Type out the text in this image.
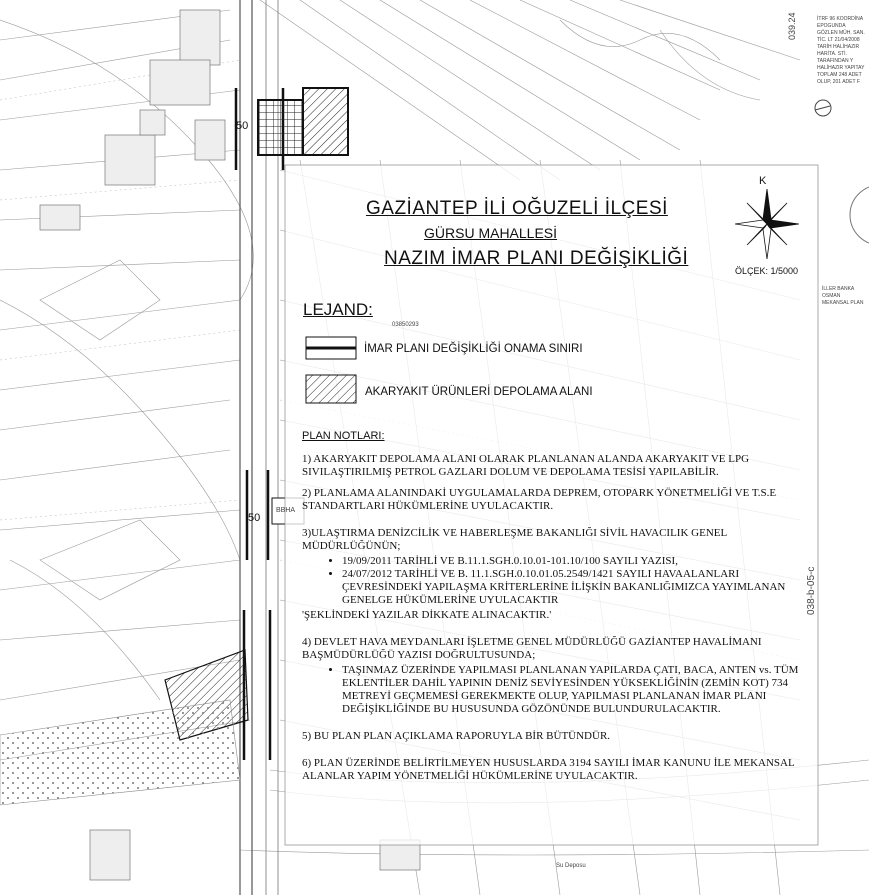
039.24
038-b-05-c
İTRF 96 KOORDİNA EPOGUNDA GÖZLEN MÜH. SAN. TİC. LT 21/04/2008 TARİH HALİHAZIR HARİTA. STİ. TARAFINDAN Y HALİHAZIR YAPITAY TOPLAM 248 ADET OLUP, 201 ADET F
İLLER BANKA OSMAN MEKANSAL PLAN
50
50
BBHA
03850293
Su Deposu
GAZİANTEP İLİ OĞUZELİ İLÇESİ
GÜRSU MAHALLESİ
NAZIM İMAR PLANI DEĞİŞİKLİĞİ
K
ÖLÇEK: 1/5000
LEJAND:
İMAR PLANI DEĞİŞİKLİĞİ ONAMA SINIRI
AKARYAKIT ÜRÜNLERİ DEPOLAMA ALANI
PLAN NOTLARI:

1) AKARYAKIT DEPOLAMA ALANI OLARAK PLANLANAN ALANDA AKARYAKIT VE LPG SIVILAŞTIRILMIŞ PETROL GAZLARI DOLUM VE DEPOLAMA TESİSİ YAPILABİLİR.

2) PLANLAMA ALANINDAKİ UYGULAMALARDA DEPREM, OTOPARK YÖNETMELİĞİ VE T.S.E STANDARTLARI HÜKÜMLERİNE UYULACAKTIR.

3)ULAŞTIRMA DENİZCİLİK VE HABERLEŞME BAKANLIĞI SİVİL HAVACILIK GENEL MÜDÜRLÜĞÜNÜN;

• 19/09/2011 TARİHLİ VE B.11.1.SGH.0.10.01-101.10/100 SAYILI YAZISI,
• 24/07/2012 TARİHLİ VE B. 11.1.SGH.0.10.01.05.2549/1421 SAYILI HAVAALANLARI ÇEVRESİNDEKİ YAPILAŞMA KRİTERLERİNE İLİŞKİN BAKANLIĞIMIZCA YAYIMLANAN GENELGE HÜKÜMLERİNE UYULACAKTIR

'ŞEKLİNDEKİ YAZILAR DİKKATE ALINACAKTIR.'

4) DEVLET HAVA MEYDANLARI İŞLETME GENEL MÜDÜRLÜĞÜ GAZİANTEP HAVALİMANI BAŞMÜDÜRLÜĞÜ YAZISI DOĞRULTUSUNDA;

• TAŞINMAZ ÜZERİNDE YAPILMASI PLANLANAN YAPILARDA ÇATI, BACA, ANTEN vs. TÜM EKLENTİLER DAHİL YAPININ DENİZ SEVİYESİNDEN YÜKSEKLİĞİNİN (ZEMİN KOT) 734 METREYİ GEÇMEMESİ GEREKMEKTE OLUP, YAPILMASI PLANLANAN İMAR PLANI DEĞİŞİKLİĞİNDE BU HUSUSUNDA GÖZÖNÜNDE BULUNDURULACAKTIR.

5) BU PLAN PLAN AÇIKLAMA RAPORUYLA BİR BÜTÜNDÜR.

6) PLAN ÜZERİNDE BELİRTİLMEYEN HUSUSLARDA 3194 SAYILI İMAR KANUNU İLE MEKANSAL ALANLAR YAPIM YÖNETMELİĞİ HÜKÜMLERİNE UYULACAKTIR.
